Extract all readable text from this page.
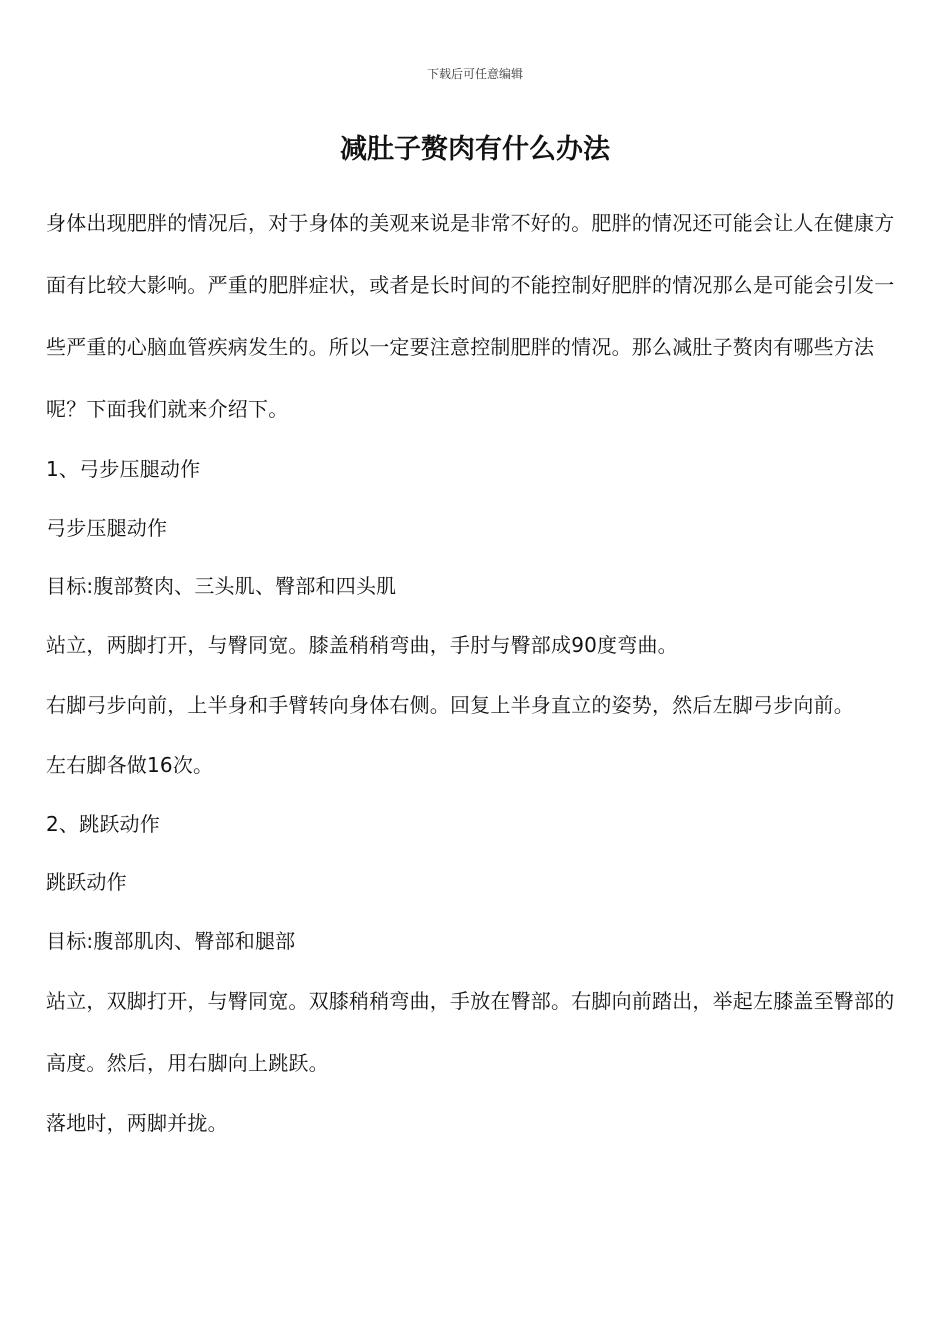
下载后可任意编辑
减肚子赘肉有什么办法

身体出现肥胖的情况后，对于身体的美观来说是非常不好的。肥胖的情况还可能会让人在健康方面有比较大影响。严重的肥胖症状，或者是长时间的不能控制好肥胖的情况那么是可能会引发一些严重的心脑血管疾病发生的。所以一定要注意控制肥胖的情况。那么减肚子赘肉有哪些方法呢？下面我们就来介绍下。

1、弓步压腿动作

弓步压腿动作

目标:腹部赘肉、三头肌、臀部和四头肌

站立，两脚打开，与臀同宽。膝盖稍稍弯曲，手肘与臀部成90度弯曲。

右脚弓步向前，上半身和手臂转向身体右侧。回复上半身直立的姿势，然后左脚弓步向前。

左右脚各做16次。

2、跳跃动作

跳跃动作

目标:腹部肌肉、臀部和腿部

站立，双脚打开，与臀同宽。双膝稍稍弯曲，手放在臀部。右脚向前踏出，举起左膝盖至臀部的高度。然后，用右脚向上跳跃。

落地时，两脚并拢。
